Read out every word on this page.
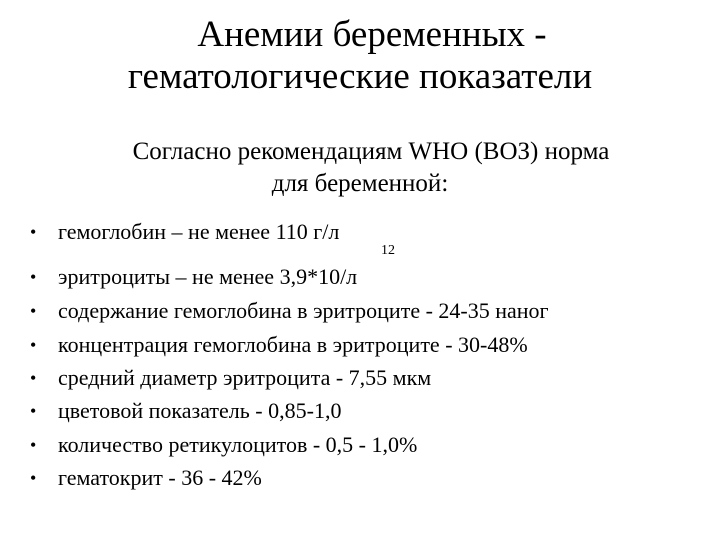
Анемии беременных -
гематологические показатели
Согласно рекомендациям WHO (ВОЗ) норма
для беременной:
• гемоглобин – не менее 110 г/л
• эритроциты – не менее 3,9*10/л
12
• содержание гемоглобина в эритроците - 24-35 наног
• концентрация гемоглобина в эритроците - 30-48%
• средний диаметр эритроцита - 7,55 мкм
• цветовой показатель - 0,85-1,0
• количество ретикулоцитов - 0,5 - 1,0%
• гематокрит - 36 - 42%
